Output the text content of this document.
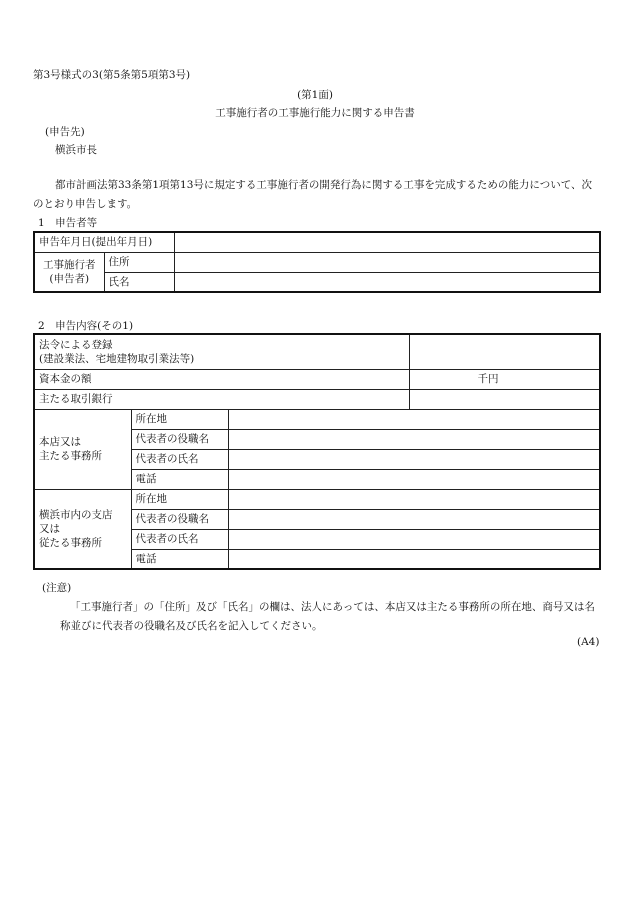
第3号様式の3(第5条第5項第3号)
(第1面)
工事施行者の工事施行能力に関する申告書
(申告先)
横浜市長
都市計画法第33条第1項第13号に規定する工事施行者の開発行為に関する工事を完成するための能力について、次のとおり申告します。
1　申告者等
申告年月日(提出年月日)		

工事施行者
(申告者)	住所	
	氏名	
2　申告内容(その1)
法令による登録
(建設業法、宅地建物取引業法等)			

資本金の額			千円
主たる取引銀行			

本店又は
主たる事務所	所在地		
	代表者の役職名		
	代表者の氏名		
	電話		

横浜市内の支店
又は
従たる事務所	所在地		
	代表者の役職名		
	代表者の氏名		
	電話		
(注意)
「工事施行者」の「住所」及び「氏名」の欄は、法人にあっては、本店又は主たる事務所の所在地、商号又は名称並びに代表者の役職名及び氏名を記入してください。
(A4)
